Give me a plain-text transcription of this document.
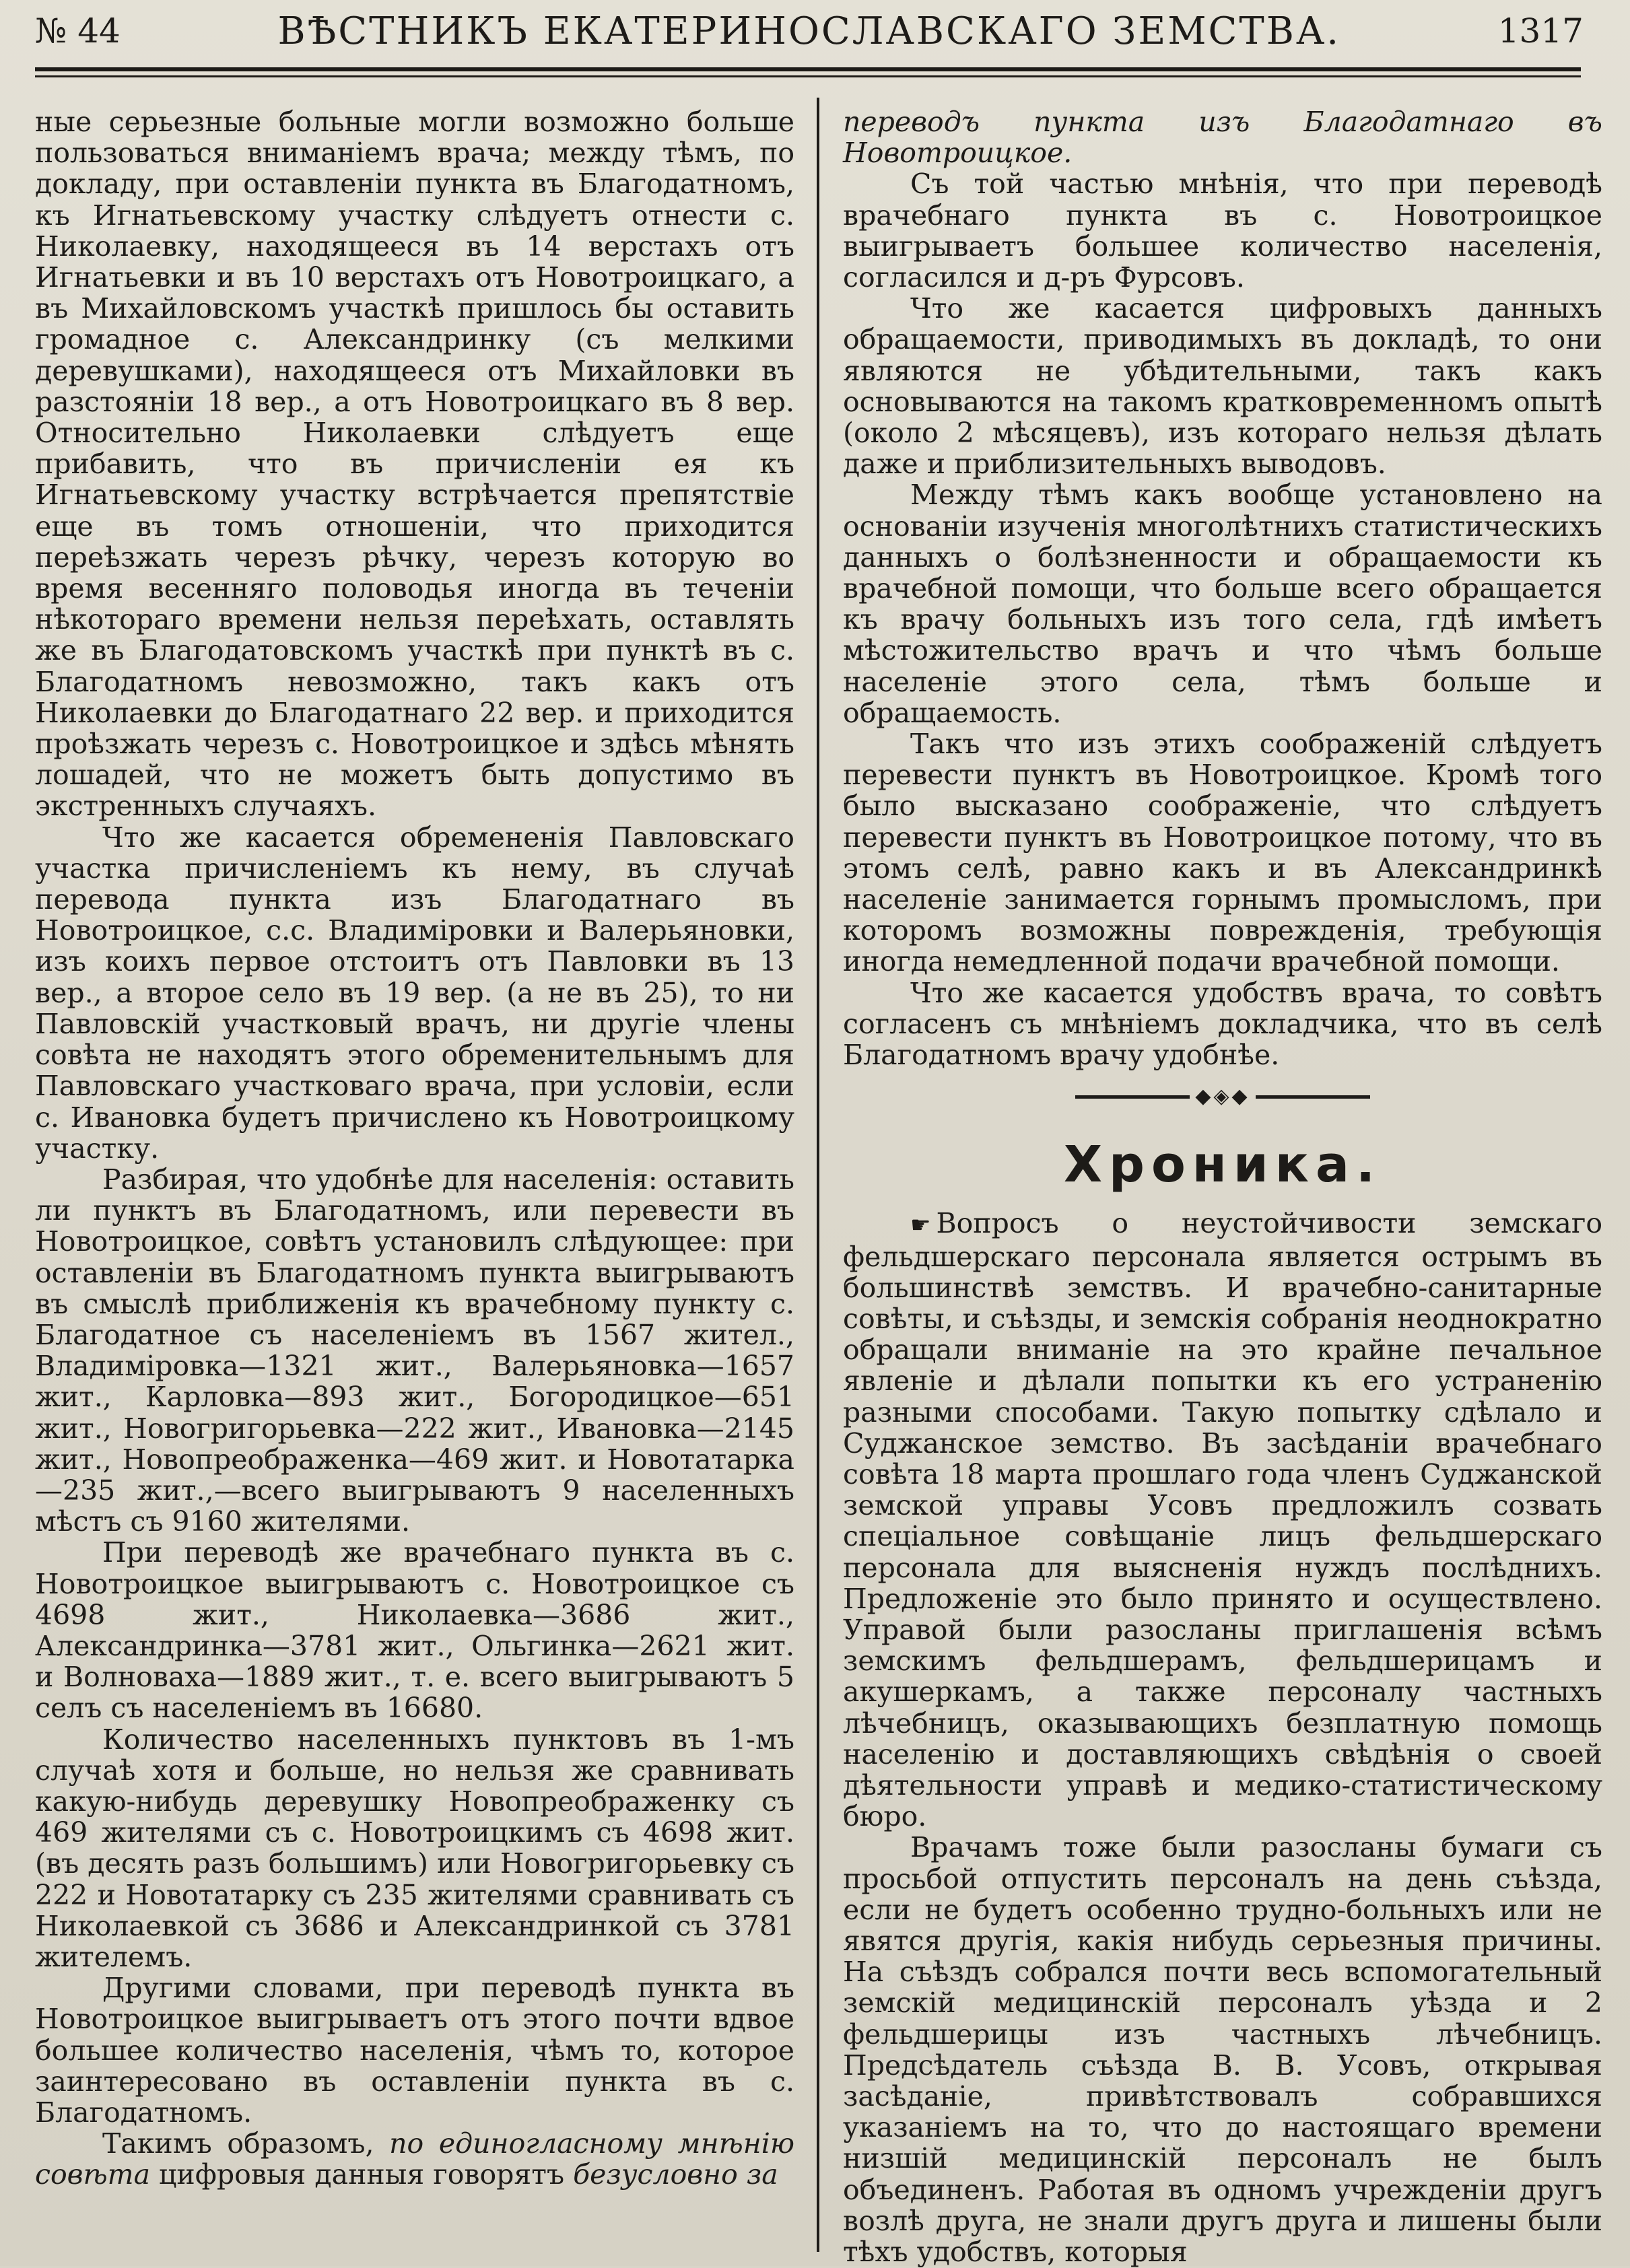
№ 44	ВѢСТНИКЪ ЕКАТЕРИНОСЛАВСКАГО ЗЕМСТВА.	1317

ные серьезные больные могли возможно больше пользоваться вниманіемъ врача; между тѣмъ, по докладу, при оставленіи пункта въ Благодатномъ, къ Игнатьевскому участку слѣдуетъ отнести с. Николаевку, находящееся въ 14 верстахъ отъ Игнатьевки и въ 10 верстахъ отъ Новотроицкаго, а въ Михайловскомъ участкѣ пришлось бы оставить громадное с. Александринку (съ мелкими деревушками), находящееся отъ Михайловки въ разстояніи 18 вер., а отъ Новотроицкаго въ 8 вер. Относительно Николаевки слѣдуетъ еще прибавить, что въ причисленіи ея къ Игнатьевскому участку встрѣчается препятствіе еще въ томъ отношеніи, что приходится переѣзжать черезъ рѣчку, черезъ которую во время весенняго половодья иногда въ теченіи нѣкотораго времени нельзя переѣхать, оставлять же въ Благодатовскомъ участкѣ при пунктѣ въ с. Благодатномъ невозможно, такъ какъ отъ Николаевки до Благодатнаго 22 вер. и приходится проѣзжать черезъ с. Новотроицкое и здѣсь мѣнять лошадей, что не можетъ быть допустимо въ экстренныхъ случаяхъ.

Что же касается обремененія Павловскаго участка причисленіемъ къ нему, въ случаѣ перевода пункта изъ Благодатнаго въ Новотроицкое, с.с. Владиміровки и Валерьяновки, изъ коихъ первое отстоитъ отъ Павловки въ 13 вер., а второе село въ 19 вер. (а не въ 25), то ни Павловскій участковый врачъ, ни другіе члены совѣта не находятъ этого обременительнымъ для Павловскаго участковаго врача, при условіи, если с. Ивановка будетъ причислено къ Новотроицкому участку.

Разбирая, что удобнѣе для населенія: оставить ли пунктъ въ Благодатномъ, или перевести въ Новотроицкое, совѣтъ установилъ слѣдующее: при оставленіи въ Благодатномъ пункта выигрываютъ въ смыслѣ приближенія къ врачебному пункту с. Благодатное съ населеніемъ въ 1567 жител., Владиміровка—1321 жит., Валерьяновка—1657 жит., Карловка—893 жит., Богородицкое—651 жит., Новогригорьевка—222 жит., Ивановка—2145 жит., Новопреображенка—469 жит. и Новотатарка—235 жит.,—всего выигрываютъ 9 населенныхъ мѣстъ съ 9160 жителями.

При переводѣ же врачебнаго пункта въ с. Новотроицкое выигрываютъ с. Новотроицкое съ 4698 жит., Николаевка—3686 жит., Александринка—3781 жит., Ольгинка—2621 жит. и Волноваха—1889 жит., т. е. всего выигрываютъ 5 селъ съ населеніемъ въ 16680.

Количество населенныхъ пунктовъ въ 1-мъ случаѣ хотя и больше, но нельзя же сравнивать какую-нибудь деревушку Новопреображенку съ 469 жителями съ с. Новотроицкимъ съ 4698 жит. (въ десять разъ большимъ) или Новогригорьевку съ 222 и Новотатарку съ 235 жителями сравнивать съ Николаевкой съ 3686 и Александринкой съ 3781 жителемъ.

Другими словами, при переводѣ пункта въ Новотроицкое выигрываетъ отъ этого почти вдвое большее количество населенія, чѣмъ то, которое заинтересовано въ оставленіи пункта въ с. Благодатномъ.

Такимъ образомъ, по единогласному мнѣнію совѣта цифровыя данныя говорятъ безусловно за

переводъ пункта изъ Благодатнаго въ Новотроицкое.

Съ той частью мнѣнія, что при переводѣ врачебнаго пункта въ с. Новотроицкое выигрываетъ большее количество населенія, согласился и д-ръ Фурсовъ.

Что же касается цифровыхъ данныхъ обращаемости, приводимыхъ въ докладѣ, то они являются не убѣдительными, такъ какъ основываются на такомъ кратковременномъ опытѣ (около 2 мѣсяцевъ), изъ котораго нельзя дѣлать даже и приблизительныхъ выводовъ.

Между тѣмъ какъ вообще установлено на основаніи изученія многолѣтнихъ статистическихъ данныхъ о болѣзненности и обращаемости къ врачебной помощи, что больше всего обращается къ врачу больныхъ изъ того села, гдѣ имѣетъ мѣстожительство врачъ и что чѣмъ больше населеніе этого села, тѣмъ больше и обращаемость.

Такъ что изъ этихъ соображеній слѣдуетъ перевести пунктъ въ Новотроицкое. Кромѣ того было высказано соображеніе, что слѣдуетъ перевести пунктъ въ Новотроицкое потому, что въ этомъ селѣ, равно какъ и въ Александринкѣ населеніе занимается горнымъ промысломъ, при которомъ возможны поврежденія, требующія иногда немедленной подачи врачебной помощи.

Что же касается удобствъ врача, то совѣтъ согласенъ съ мнѣніемъ докладчика, что въ селѣ Благодатномъ врачу удобнѣе.

◆◈◆
Хроника.

☛ Вопросъ о неустойчивости земскаго фельдшерскаго персонала является острымъ въ большинствѣ земствъ. И врачебно-санитарные совѣты, и съѣзды, и земскія собранія неоднократно обращали вниманіе на это крайне печальное явленіе и дѣлали попытки къ его устраненію разными способами. Такую попытку сдѣлало и Суджанское земство. Въ засѣданіи врачебнаго совѣта 18 марта прошлаго года членъ Суджанской земской управы Усовъ предложилъ созвать спеціальное совѣщаніе лицъ фельдшерскаго персонала для выясненія нуждъ послѣднихъ. Предложеніе это было принято и осуществлено. Управой были разосланы приглашенія всѣмъ земскимъ фельдшерамъ, фельдшерицамъ и акушеркамъ, а также персоналу частныхъ лѣчебницъ, оказывающихъ безплатную помощь населенію и доставляющихъ свѣдѣнія о своей дѣятельности управѣ и медико-статистическому бюро.

Врачамъ тоже были разосланы бумаги съ просьбой отпустить персоналъ на день съѣзда, если не будетъ особенно трудно-больныхъ или не явятся другія, какія нибудь серьезныя причины. На съѣздъ собрался почти весь вспомогательный земскій медицинскій персоналъ уѣзда и 2 фельдшерицы изъ частныхъ лѣчебницъ. Предсѣдатель съѣзда В. В. Усовъ, открывая засѣданіе, привѣтствовалъ собравшихся указаніемъ на то, что до настоящаго времени низшій медицинскій персоналъ не былъ объединенъ. Работая въ одномъ учрежденіи другъ возлѣ друга, не знали другъ друга и лишены были тѣхъ удобствъ, которыя
